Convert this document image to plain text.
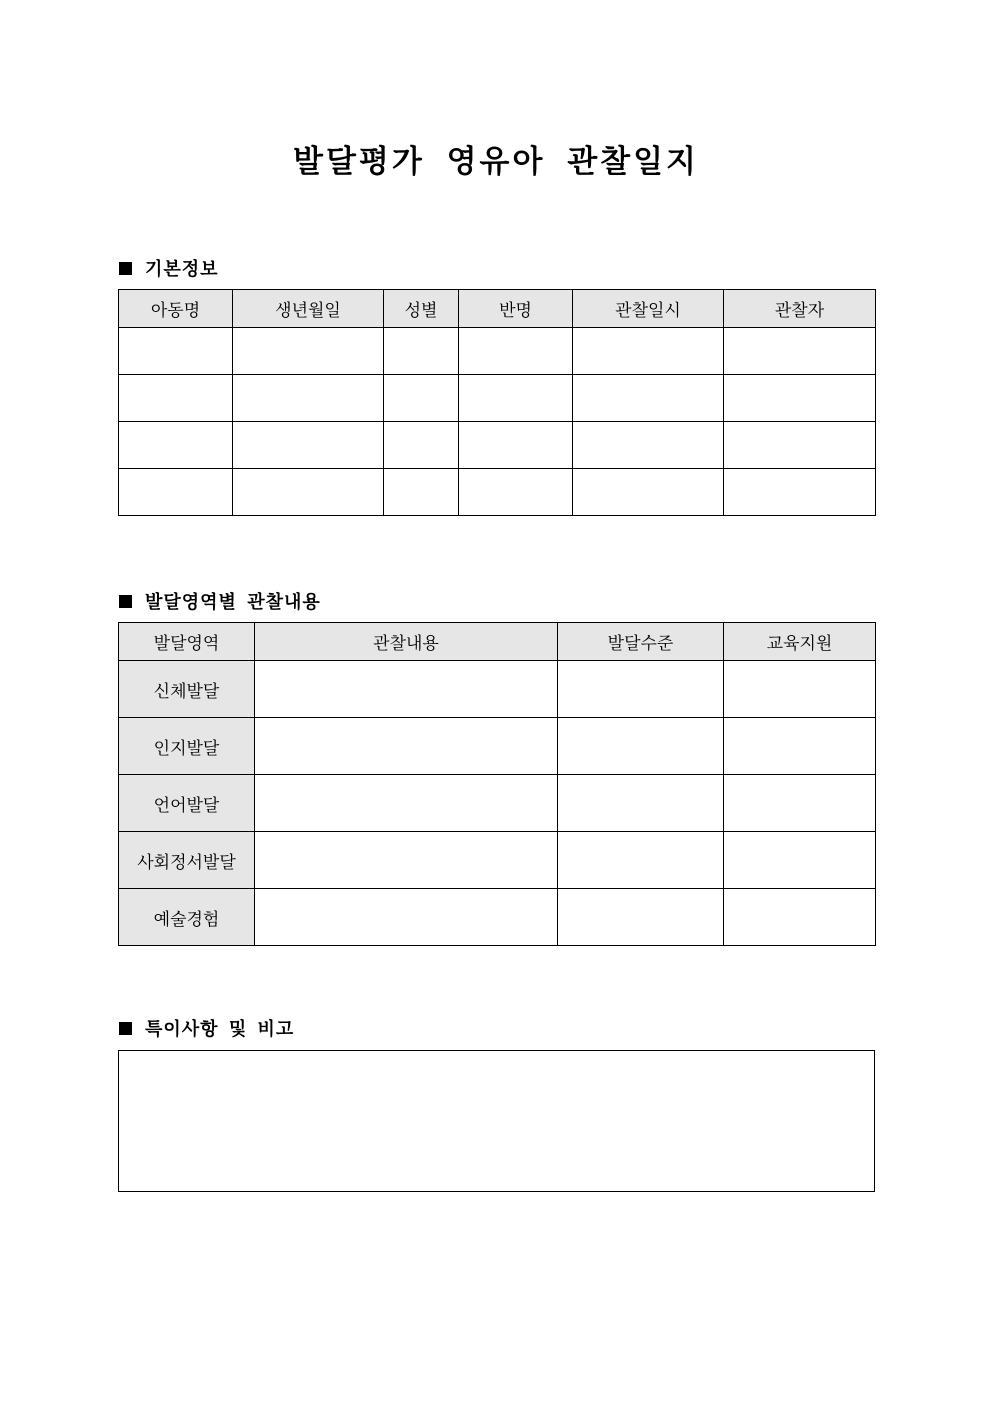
발달평가 영유아 관찰일지
기본정보
아동명	생년월일	성별	반명	관찰일시	관찰자

발달영역별 관찰내용
발달영역	관찰내용	발달수준	교육지원
신체발달			
인지발달			
언어발달			
사회정서발달			
예술경험			
특이사항 및 비고
